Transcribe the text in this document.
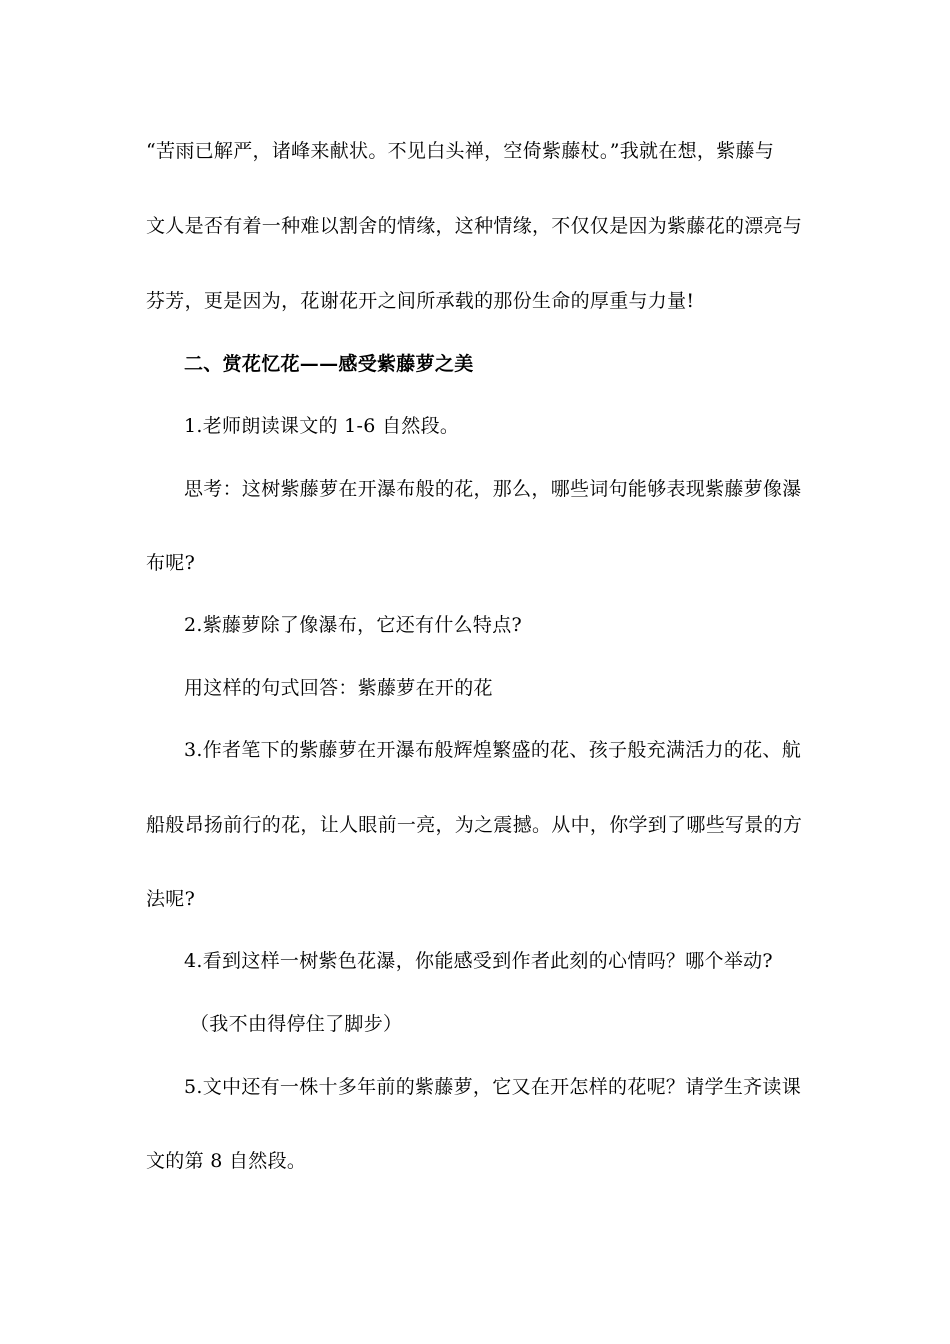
“苦雨已解严，诸峰来献状。不见白头禅，空倚紫藤杖。”我就在想，紫藤与
文人是否有着一种难以割舍的情缘，这种情缘，不仅仅是因为紫藤花的漂亮与
芬芳，更是因为，花谢花开之间所承载的那份生命的厚重与力量!
二、赏花忆花——感受紫藤萝之美
1.老师朗读课文的 1-6 自然段。
思考：这树紫藤萝在开瀑布般的花，那么，哪些词句能够表现紫藤萝像瀑
布呢?
2.紫藤萝除了像瀑布，它还有什么特点?
用这样的句式回答：紫藤萝在开的花
3.作者笔下的紫藤萝在开瀑布般辉煌繁盛的花、孩子般充满活力的花、航
船般昂扬前行的花，让人眼前一亮，为之震撼。从中，你学到了哪些写景的方
法呢?
4.看到这样一树紫色花瀑，你能感受到作者此刻的心情吗？哪个举动?
（我不由得停住了脚步）
5.文中还有一株十多年前的紫藤萝，它又在开怎样的花呢？请学生齐读课
文的第 8 自然段。
